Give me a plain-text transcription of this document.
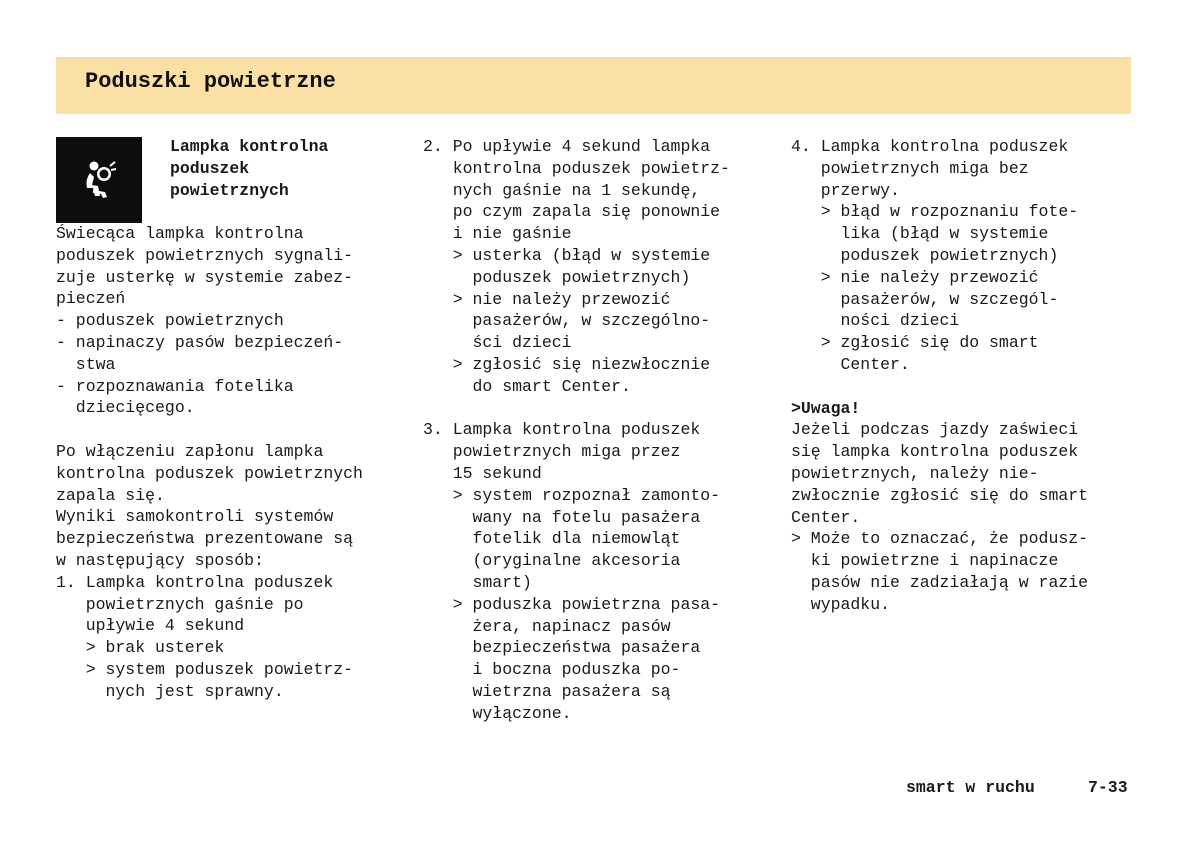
Poduszki powietrzne
Lampka kontrolna
poduszek
powietrznych
Świecąca lampka kontrolna
poduszek powietrznych sygnali-
zuje usterkę w systemie zabez-
pieczeń
- poduszek powietrznych
- napinaczy pasów bezpieczeń-
stwa
- rozpoznawania fotelika
dziecięcego.
Po włączeniu zapłonu lampka
kontrolna poduszek powietrznych
zapala się.
Wyniki samokontroli systemów
bezpieczeństwa prezentowane są
w następujący sposób:
1. Lampka kontrolna poduszek
powietrznych gaśnie po
upływie 4 sekund
> brak usterek
> system poduszek powietrz-
nych jest sprawny.
2. Po upływie 4 sekund lampka
kontrolna poduszek powietrz-
nych gaśnie na 1 sekundę,
po czym zapala się ponownie
i nie gaśnie
> usterka (błąd w systemie
poduszek powietrznych)
> nie należy przewozić
pasażerów, w szczególno-
ści dzieci
> zgłosić się niezwłocznie
do smart Center.
3. Lampka kontrolna poduszek
powietrznych miga przez
15 sekund
> system rozpoznał zamonto-
wany na fotelu pasażera
fotelik dla niemowląt
(oryginalne akcesoria
smart)
> poduszka powietrzna pasa-
żera, napinacz pasów
bezpieczeństwa pasażera
i boczna poduszka po-
wietrzna pasażera są
wyłączone.
4. Lampka kontrolna poduszek
powietrznych miga bez
przerwy.
> błąd w rozpoznaniu fote-
lika (błąd w systemie
poduszek powietrznych)
> nie należy przewozić
pasażerów, w szczegól-
ności dzieci
> zgłosić się do smart
Center.
>Uwaga!
Jeżeli podczas jazdy zaświeci
się lampka kontrolna poduszek
powietrznych, należy nie-
zwłocznie zgłosić się do smart
Center.
> Może to oznaczać, że podusz-
ki powietrzne i napinacze
pasów nie zadziałają w razie
wypadku.
smart w ruchu	7-33
